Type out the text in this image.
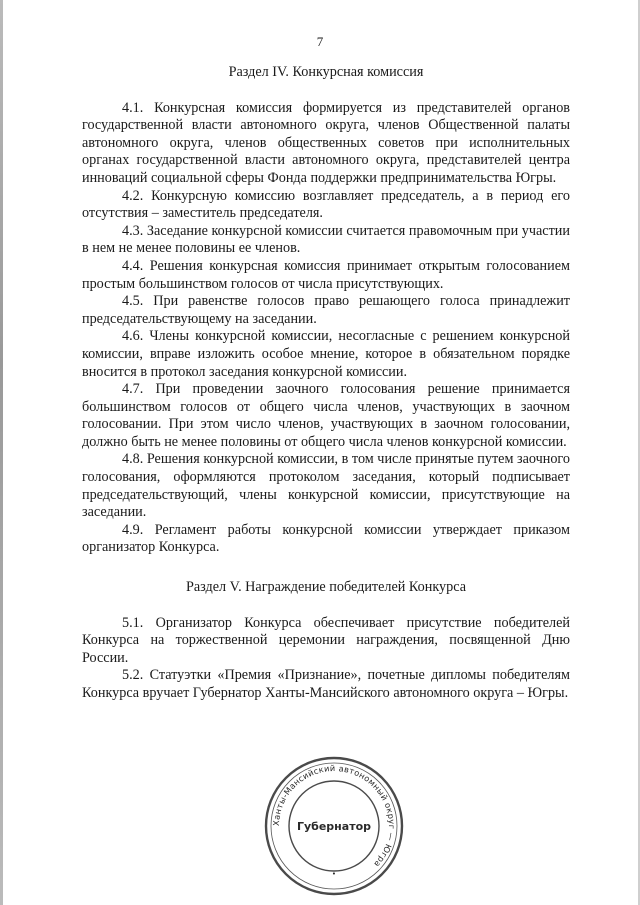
7

Раздел IV. Конкурсная комиссия

4.1. Конкурсная комиссия формируется из представителей органов государственной власти автономного округа, членов Общественной палаты автономного округа, членов общественных советов при исполнительных органах государственной власти автономного округа, представителей центра инноваций социальной сферы Фонда поддержки предпринимательства Югры.

4.2. Конкурсную комиссию возглавляет председатель, а в период его отсутствия – заместитель председателя.

4.3. Заседание конкурсной комиссии считается правомочным при участии в нем не менее половины ее членов.

4.4. Решения конкурсная комиссия принимает открытым голосованием простым большинством голосов от числа присутствующих.

4.5. При равенстве голосов право решающего голоса принадлежит председательствующему на заседании.

4.6. Члены конкурсной комиссии, несогласные с решением конкурсной комиссии, вправе изложить особое мнение, которое в обязательном порядке вносится в протокол заседания конкурсной комиссии.

4.7. При проведении заочного голосования решение принимается большинством голосов от общего числа членов, участвующих в заочном голосовании. При этом число членов, участвующих в заочном голосовании, должно быть не менее половины от общего числа членов конкурсной комиссии.

4.8. Решения конкурсной комиссии, в том числе принятые путем заочного голосования, оформляются протоколом заседания, который подписывает председательствующий, члены конкурсной комиссии, присутствующие на заседании.

4.9. Регламент работы конкурсной комиссии утверждает приказом организатор Конкурса.

Раздел V. Награждение победителей Конкурса

5.1. Организатор Конкурса обеспечивает присутствие победителей Конкурса на торжественной церемонии награждения, посвященной Дню России.

5.2. Статуэтки «Премия «Признание», почетные дипломы победителям Конкурса вручает Губернатор Ханты-Мансийского автономного округа – Югры.

Ханты-Мансийский автономный округ — Югра
Губернатор
•
